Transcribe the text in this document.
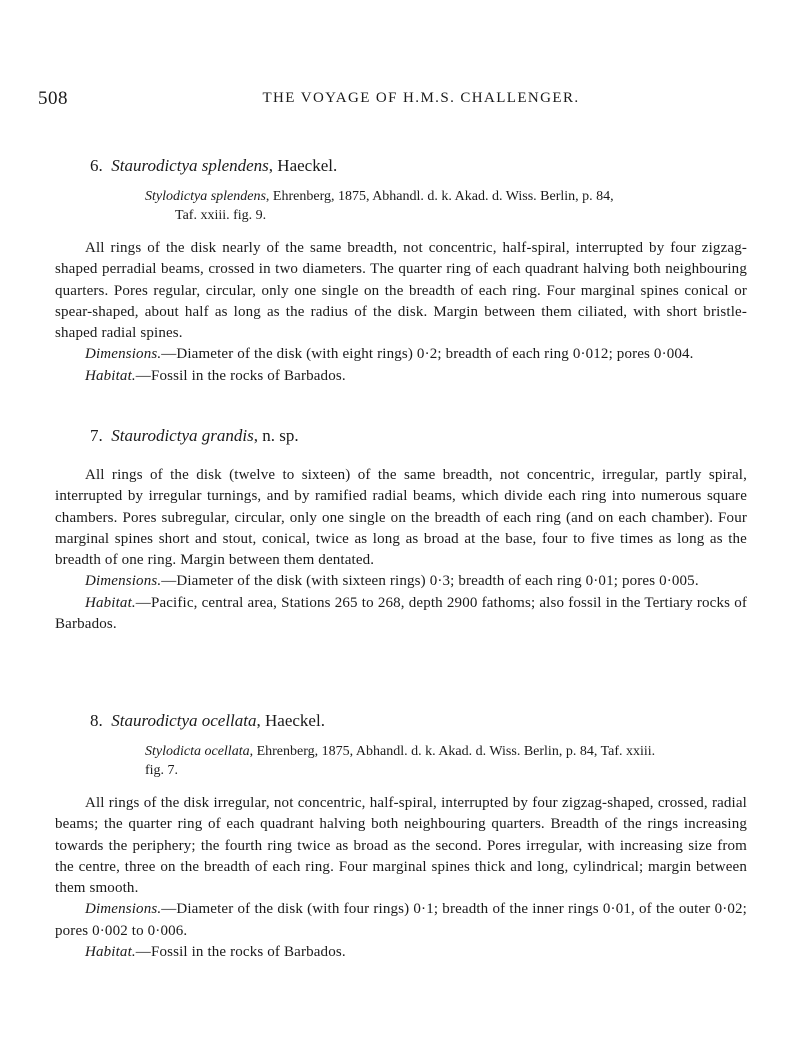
508	THE VOYAGE OF H.M.S. CHALLENGER.
6. Staurodictya splendens, Haeckel.
Stylodictya splendens, Ehrenberg, 1875, Abhandl. d. k. Akad. d. Wiss. Berlin, p. 84,
Taf. xxiii. fig. 9.

All rings of the disk nearly of the same breadth, not concentric, half-spiral, interrupted by four zigzag-shaped perradial beams, crossed in two diameters. The quarter ring of each quadrant halving both neighbouring quarters. Pores regular, circular, only one single on the breadth of each ring. Four marginal spines conical or spear-shaped, about half as long as the radius of the disk. Margin between them ciliated, with short bristle-shaped radial spines.

Dimensions.—Diameter of the disk (with eight rings) 0·2; breadth of each ring 0·012; pores 0·004.

Habitat.—Fossil in the rocks of Barbados.

7. Staurodictya grandis, n. sp.

All rings of the disk (twelve to sixteen) of the same breadth, not concentric, irregular, partly spiral, interrupted by irregular turnings, and by ramified radial beams, which divide each ring into numerous square chambers. Pores subregular, circular, only one single on the breadth of each ring (and on each chamber). Four marginal spines short and stout, conical, twice as long as broad at the base, four to five times as long as the breadth of one ring. Margin between them dentated.

Dimensions.—Diameter of the disk (with sixteen rings) 0·3; breadth of each ring 0·01; pores 0·005.

Habitat.—Pacific, central area, Stations 265 to 268, depth 2900 fathoms; also fossil in the Tertiary rocks of Barbados.

8. Staurodictya ocellata, Haeckel.
Stylodicta ocellata, Ehrenberg, 1875, Abhandl. d. k. Akad. d. Wiss. Berlin, p. 84, Taf. xxiii.
fig. 7.

All rings of the disk irregular, not concentric, half-spiral, interrupted by four zigzag-shaped, crossed, radial beams; the quarter ring of each quadrant halving both neighbouring quarters. Breadth of the rings increasing towards the periphery; the fourth ring twice as broad as the second. Pores irregular, with increasing size from the centre, three on the breadth of each ring. Four marginal spines thick and long, cylindrical; margin between them smooth.

Dimensions.—Diameter of the disk (with four rings) 0·1; breadth of the inner rings 0·01, of the outer 0·02; pores 0·002 to 0·006.

Habitat.—Fossil in the rocks of Barbados.
